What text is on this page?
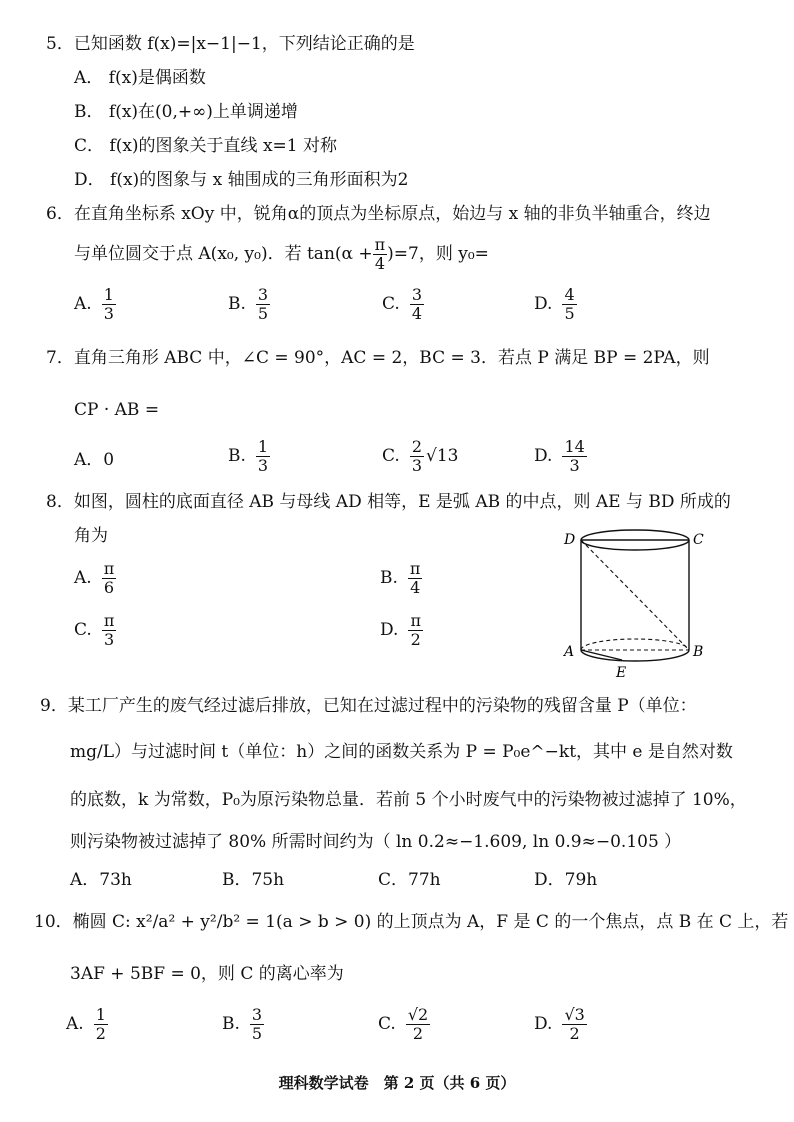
5．已知函数 f(x)=|x−1|−1，下列结论正确的是
A． f(x)是偶函数
B． f(x)在(0,+∞)上单调递增
C． f(x)的图象关于直线 x=1 对称
D． f(x)的图象与 x 轴围成的三角形面积为2
6．在直角坐标系 xOy 中，锐角α的顶点为坐标原点，始边与 x 轴的非负半轴重合，终边
与单位圆交于点 A(x₀, y₀)．若 $\tan(\alpha + \frac{\pi}{4} )=7$，则 y₀=
A. $\frac{1}{3}$	B. $\frac{3}{5}$	C. $\frac{3}{4}$	D. $\frac{4}{5}$
7．直角三角形 ABC 中，∠C = 90°，AC = 2，BC = 3．若点 P 满足 BP = 2PA，则
CP · AB =
A．0	B. $\frac{1}{3}$	C. $\frac{2}{3} √13$	D. $\frac{14}{3}$
8．如图，圆柱的底面直径 AB 与母线 AD 相等，E 是弧 AB 的中点，则 AE 与 BD 所成的
角为
A. $\frac{\pi}{6}$	B. $\frac{\pi}{4}$
C. $\frac{\pi}{3}$	D. $\frac{\pi}{2}$
D	C
A	B
E
9．某工厂产生的废气经过滤后排放，已知在过滤过程中的污染物的残留含量 P（单位：
mg/L）与过滤时间 t（单位：h）之间的函数关系为 P = P₀e^−kt，其中 e 是自然对数
的底数，k 为常数，P₀为原污染物总量．若前 5 个小时废气中的污染物被过滤掉了 10%，
则污染物被过滤掉了 80% 所需时间约为（ ln 0.2≈−1.609, ln 0.9≈−0.105 ）
A．73h	B．75h	C．77h	D．79h
10．椭圆 C: x²/a² + y²/b² = 1(a > b > 0) 的上顶点为 A，F 是 C 的一个焦点，点 B 在 C 上，若
3AF + 5BF = 0，则 C 的离心率为
A. $\frac{1}{2}$	B. $\frac{3}{5}$	C. $\frac{√2}{2}$	D. $\frac{√3}{2}$
理科数学试卷　第 2 页（共 6 页）
